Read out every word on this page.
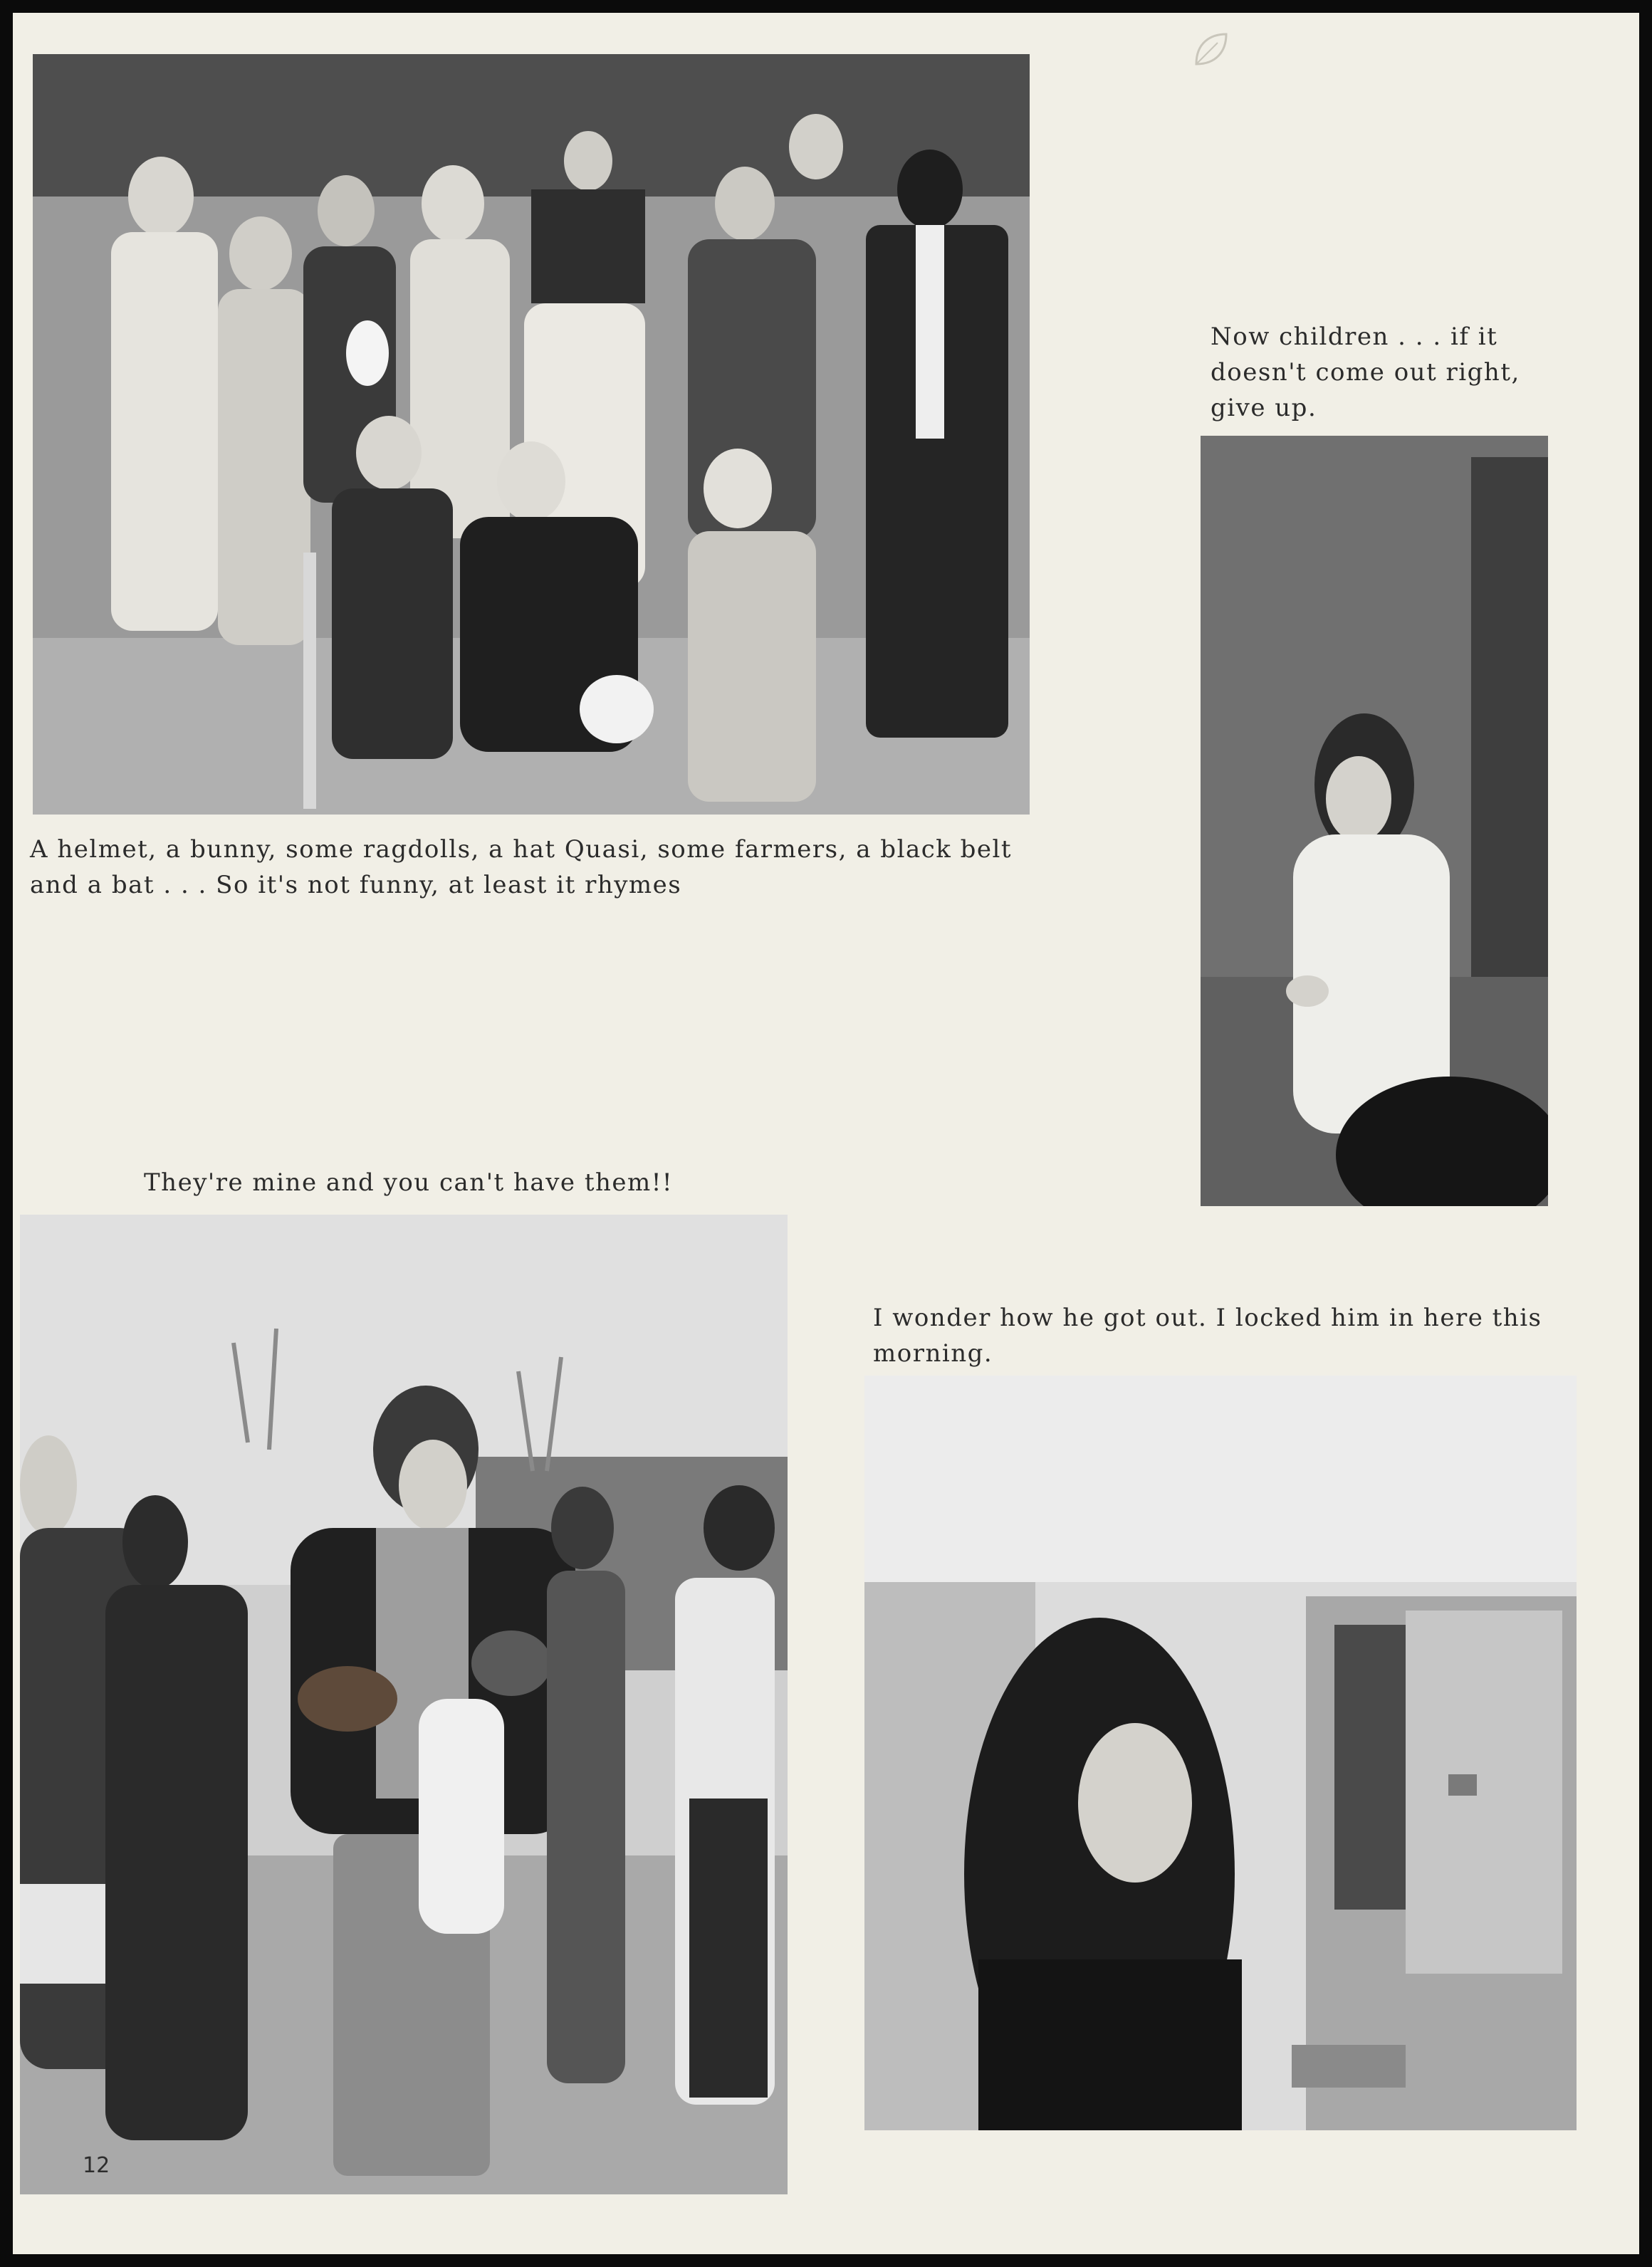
A helmet, a bunny, some ragdolls, a hat Quasi, some farmers, a black belt
and a bat . . . So it's not funny, at least it rhymes

Now children . . . if it
doesn't come out right,
give up.

They're mine and you can't have them!!

12

I wonder how he got out. I locked him in here this
morning.
